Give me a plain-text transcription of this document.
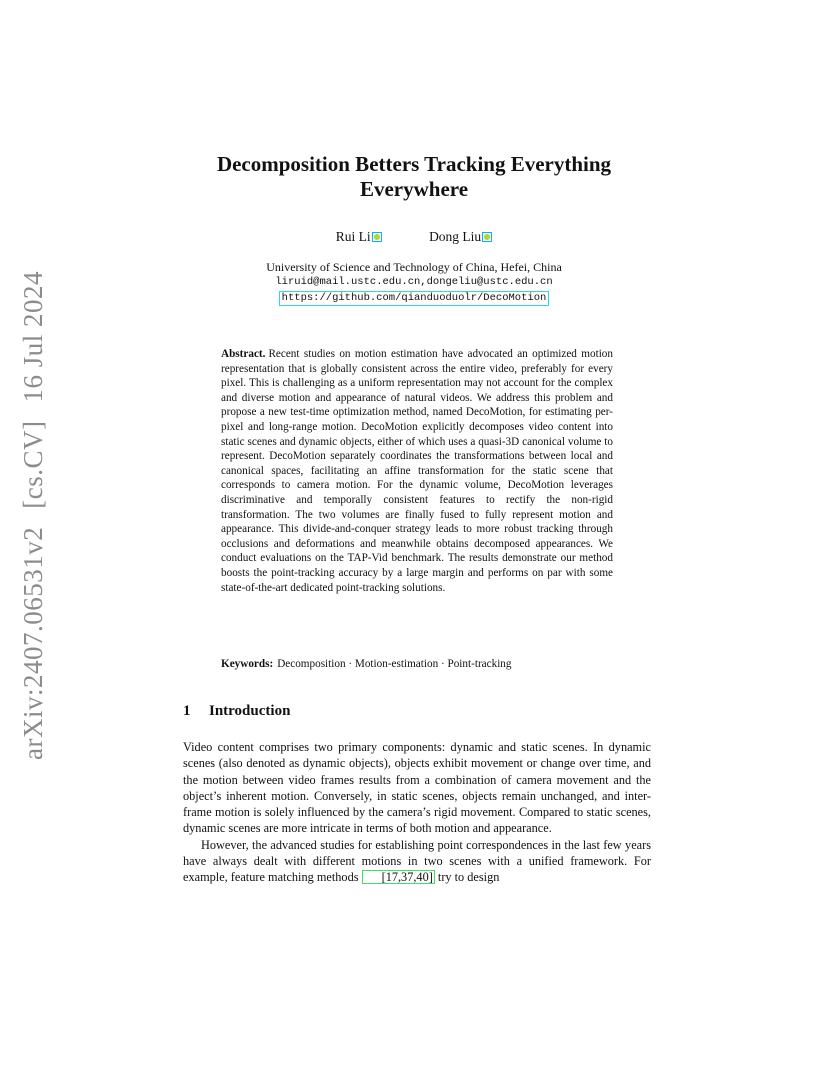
arXiv:2407.06531v2[cs.CV]16 Jul 2024
Decomposition Betters Tracking Everything
Everywhere
Rui Li	Dong Liu
University of Science and Technology of China, Hefei, China
liruid@mail.ustc.edu.cn,dongeliu@ustc.edu.cn
https://github.com/qianduoduolr/DecoMotion
Abstract. Recent studies on motion estimation have advocated an optimized motion representation that is globally consistent across the entire video, preferably for every pixel. This is challenging as a uniform representation may not account for the complex and diverse motion and appearance of natural videos. We address this problem and propose a new test-time optimization method, named DecoMotion, for estimating per-pixel and long-range motion. DecoMotion explicitly decomposes video content into static scenes and dynamic objects, either of which uses a quasi-3D canonical volume to represent. DecoMotion separately coordinates the transformations between local and canonical spaces, facilitating an affine transformation for the static scene that corresponds to camera motion. For the dynamic volume, DecoMotion leverages discriminative and temporally consistent features to rectify the non-rigid transformation. The two volumes are finally fused to fully represent motion and appearance. This divide-and-conquer strategy leads to more robust tracking through occlusions and deformations and meanwhile obtains decomposed appearances. We conduct evaluations on the TAP-Vid benchmark. The results demonstrate our method boosts the point-tracking accuracy by a large margin and performs on par with some state-of-the-art dedicated point-tracking solutions.
Keywords: Decomposition · Motion-estimation · Point-tracking
1 Introduction

Video content comprises two primary components: dynamic and static scenes. In dynamic scenes (also denoted as dynamic objects), objects exhibit movement or change over time, and the motion between video frames results from a combination of camera movement and the object’s inherent motion. Conversely, in static scenes, objects remain unchanged, and inter-frame motion is solely influenced by the camera’s rigid movement. Compared to static scenes, dynamic scenes are more intricate in terms of both motion and appearance.

However, the advanced studies for establishing point correspondences in the last few years have always dealt with different motions in two scenes with a unified framework. For example, feature matching methods [17,37,40] try to design
